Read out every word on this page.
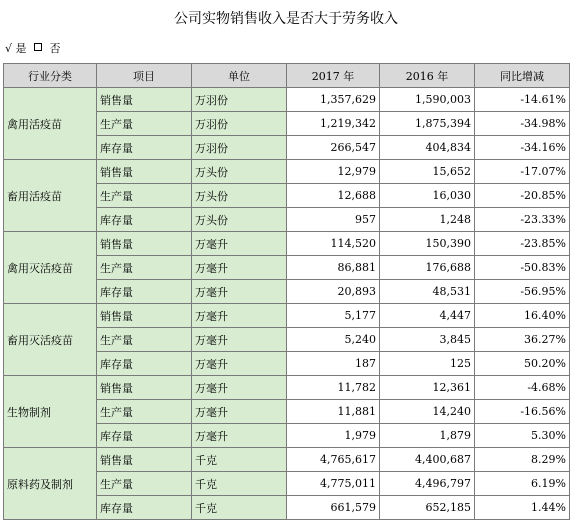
公司实物销售收入是否大于劳务收入
√ 是 否
行业分类	项目	单位	2017 年	2016 年	同比增减
禽用活疫苗	销售量	万羽份	1,357,629	1,590,003	-14.61%
	生产量	万羽份	1,219,342	1,875,394	-34.98%
	库存量	万羽份	266,547	404,834	-34.16%
畜用活疫苗	销售量	万头份	12,979	15,652	-17.07%
	生产量	万头份	12,688	16,030	-20.85%
	库存量	万头份	957	1,248	-23.33%
禽用灭活疫苗	销售量	万毫升	114,520	150,390	-23.85%
	生产量	万毫升	86,881	176,688	-50.83%
	库存量	万毫升	20,893	48,531	-56.95%
畜用灭活疫苗	销售量	万毫升	5,177	4,447	16.40%
	生产量	万毫升	5,240	3,845	36.27%
	库存量	万毫升	187	125	50.20%
生物制剂	销售量	万毫升	11,782	12,361	-4.68%
	生产量	万毫升	11,881	14,240	-16.56%
	库存量	万毫升	1,979	1,879	5.30%
原料药及制剂	销售量	千克	4,765,617	4,400,687	8.29%
	生产量	千克	4,775,011	4,496,797	6.19%
	库存量	千克	661,579	652,185	1.44%
